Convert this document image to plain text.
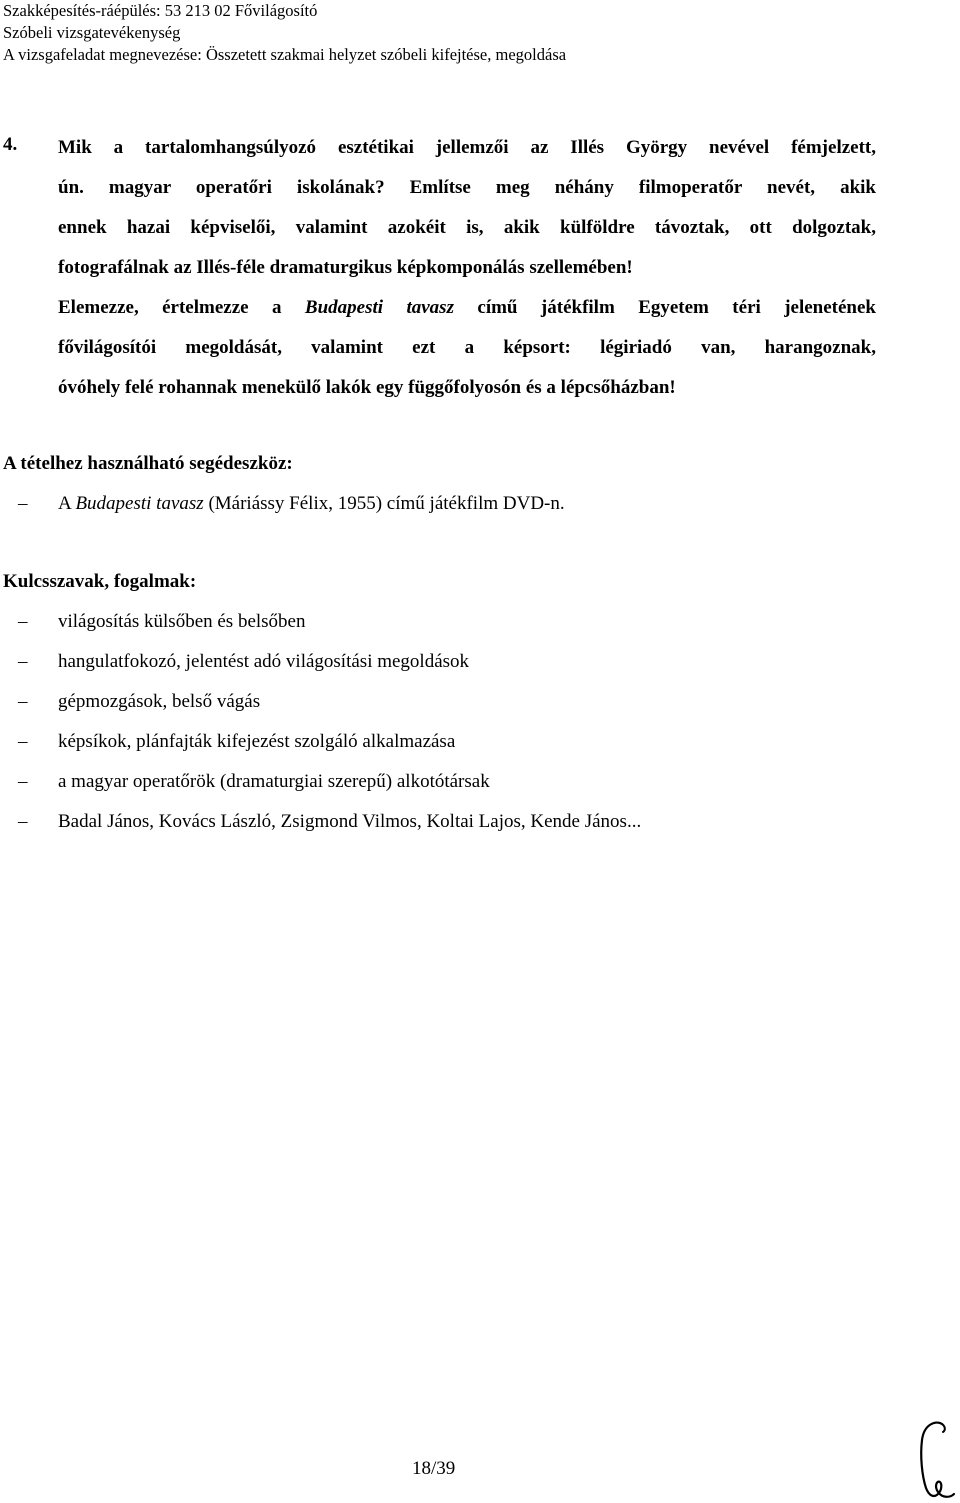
Szakképesítés-ráépülés: 53 213 02 Fővilágosító
Szóbeli vizsgatevékenység
A vizsgafeladat megnevezése: Összetett szakmai helyzet szóbeli kifejtése, megoldása
4. Mik a tartalomhangsúlyozó esztétikai jellemzői az Illés György nevével fémjelzett,
ún. magyar operatőri iskolának? Említse meg néhány filmoperatőr nevét, akik
ennek hazai képviselői, valamint azokéit is, akik külföldre távoztak, ott dolgoztak,
fotografálnak az Illés-féle dramaturgikus képkomponálás szellemében!
Elemezze, értelmezze a Budapesti tavasz című játékfilm Egyetem téri jelenetének
fővilágosítói megoldását, valamint ezt a képsort: légiriadó van, harangoznak,
óvóhely felé rohannak menekülő lakók egy függőfolyosón és a lépcsőházban!
A tételhez használható segédeszköz:
– A Budapesti tavasz (Máriássy Félix, 1955) című játékfilm DVD-n.
Kulcsszavak, fogalmak:
– világosítás külsőben és belsőben
– hangulatfokozó, jelentést adó világosítási megoldások
– gépmozgások, belső vágás
– képsíkok, plánfajták kifejezést szolgáló alkalmazása
– a magyar operatőrök (dramaturgiai szerepű) alkotótársak
– Badal János, Kovács László, Zsigmond Vilmos, Koltai Lajos, Kende János...
18/39
